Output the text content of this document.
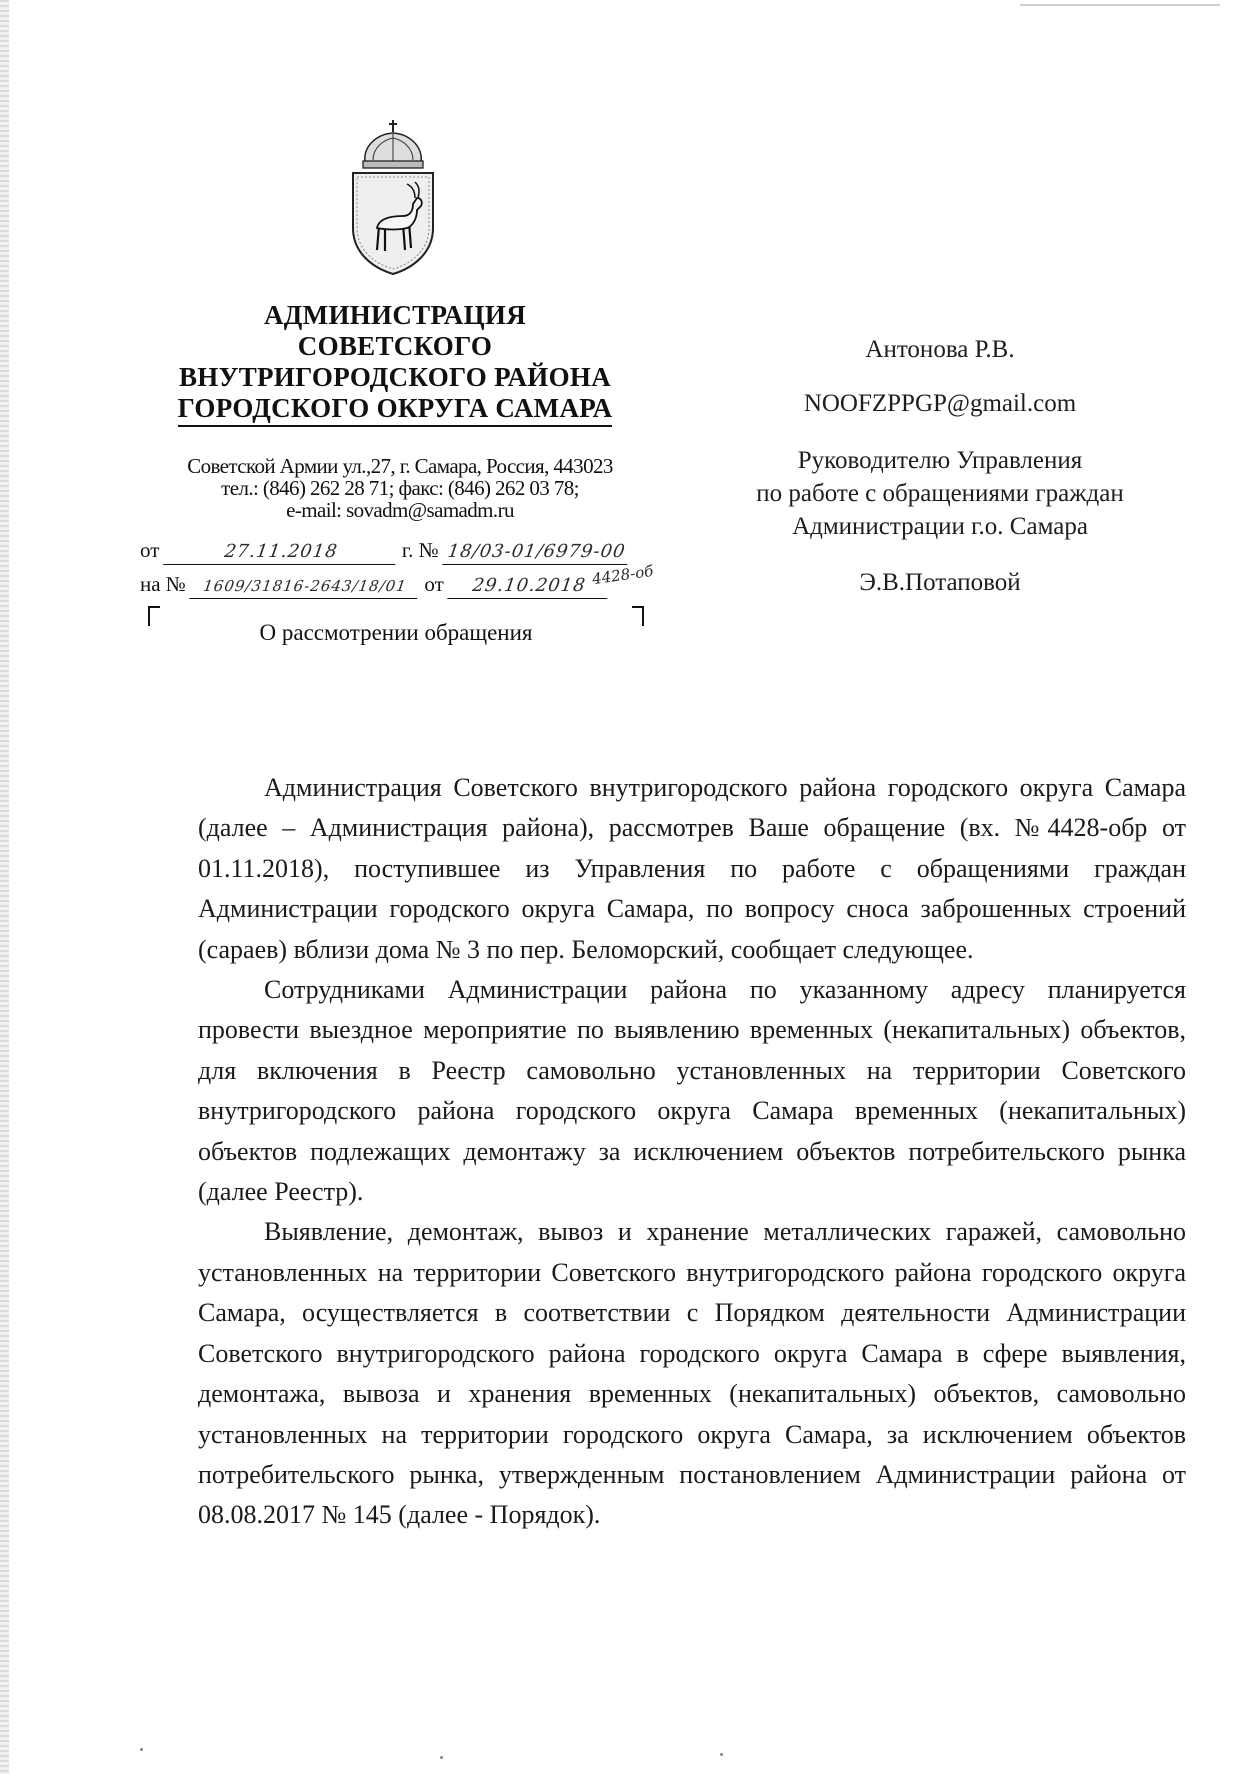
АДМИНИСТРАЦИЯ
СОВЕТСКОГО
ВНУТРИГОРОДСКОГО РАЙОНА
ГОРОДСКОГО ОКРУГА САМАРА
Советской Армии ул.,27, г. Самара, Россия, 443023
тел.: (846) 262 28 71; факс: (846) 262 03 78;
e-mail: sovadm@samadm.ru
от	27.11.2018	г. № 18/03-01/6979-00
на № 1609/31816-2643/18/01 от 29.10.2018 4428-об
О рассмотрении обращения
Антонова Р.В.
NOOFZPPGP@gmail.com
Руководителю Управления
по работе с обращениями граждан
Администрации г.о. Самара
Э.В.Потаповой

Администрация Советского внутригородского района городского округа Самара (далее – Администрация района), рассмотрев Ваше обращение (вх. №4428-обр от 01.11.2018), поступившее из Управления по работе с обращениями граждан Администрации городского округа Самара, по вопросу сноса заброшенных строений (сараев) вблизи дома № 3 по пер. Беломорский, сообщает следующее.

Сотрудниками Администрации района по указанному адресу планируется провести выездное мероприятие по выявлению временных (некапитальных) объектов, для включения в Реестр самовольно установленных на территории Советского внутригородского района городского округа Самара временных (некапитальных) объектов подлежащих демонтажу за исключением объектов потребительского рынка (далее Реестр).

Выявление, демонтаж, вывоз и хранение металлических гаражей, самовольно установленных на территории Советского внутригородского района городского округа Самара, осуществляется в соответствии с Порядком деятельности Администрации Советского внутригородского района городского округа Самара в сфере выявления, демонтажа, вывоза и хранения временных (некапитальных) объектов, самовольно установленных на территории городского округа Самара, за исключением объектов потребительского рынка, утвержденным постановлением Администрации района от 08.08.2017 № 145 (далее - Порядок).
